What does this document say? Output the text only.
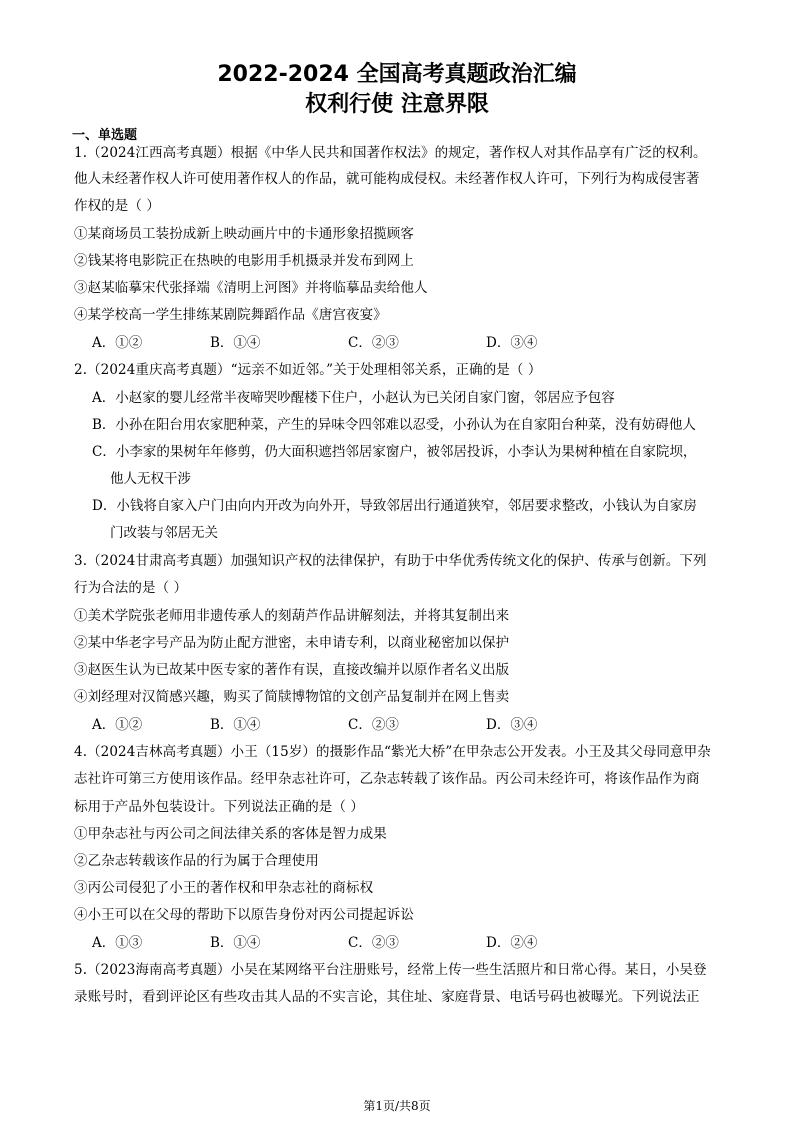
2022-2024 全国高考真题政治汇编
权利行使 注意界限
一、单选题
1.（2024江西高考真题）根据《中华人民共和国著作权法》的规定，著作权人对其作品享有广泛的权利。
他人未经著作权人许可使用著作权人的作品，就可能构成侵权。未经著作权人许可，下列行为构成侵害著
作权的是（ ）
①某商场员工装扮成新上映动画片中的卡通形象招揽顾客
②钱某将电影院正在热映的电影用手机摄录并发布到网上
③赵某临摹宋代张择端《清明上河图》并将临摹品卖给他人
④某学校高一学生排练某剧院舞蹈作品《唐宫夜宴》
A．①②	B．①④	C．②③	D．③④
2.（2024重庆高考真题）“远亲不如近邻。”关于处理相邻关系，正确的是（ ）
A．小赵家的婴儿经常半夜啼哭吵醒楼下住户，小赵认为已关闭自家门窗，邻居应予包容
B．小孙在阳台用农家肥种菜，产生的异味令四邻难以忍受，小孙认为在自家阳台种菜，没有妨碍他人
C．小李家的果树年年修剪，仍大面积遮挡邻居家窗户，被邻居投诉，小李认为果树种植在自家院坝，
他人无权干涉
D．小钱将自家入户门由向内开改为向外开，导致邻居出行通道狭窄，邻居要求整改，小钱认为自家房
门改装与邻居无关
3.（2024甘肃高考真题）加强知识产权的法律保护，有助于中华优秀传统文化的保护、传承与创新。下列
行为合法的是（ ）
①美术学院张老师用非遗传承人的刻葫芦作品讲解刻法，并将其复制出来
②某中华老字号产品为防止配方泄密，未申请专利，以商业秘密加以保护
③赵医生认为已故某中医专家的著作有误，直接改编并以原作者名义出版
④刘经理对汉简感兴趣，购买了简牍博物馆的文创产品复制并在网上售卖
A．①②	B．①④	C．②③	D．③④
4.（2024吉林高考真题）小王（15岁）的摄影作品“紫光大桥”在甲杂志公开发表。小王及其父母同意甲杂
志社许可第三方使用该作品。经甲杂志社许可，乙杂志转载了该作品。丙公司未经许可，将该作品作为商
标用于产品外包装设计。下列说法正确的是（ ）
①甲杂志社与丙公司之间法律关系的客体是智力成果
②乙杂志转载该作品的行为属于合理使用
③丙公司侵犯了小王的著作权和甲杂志社的商标权
④小王可以在父母的帮助下以原告身份对丙公司提起诉讼
A．①③	B．①④	C．②③	D．②④
5.（2023海南高考真题）小吴在某网络平台注册账号，经常上传一些生活照片和日常心得。某日，小吴登
录账号时，看到评论区有些攻击其人品的不实言论，其住址、家庭背景、电话号码也被曝光。下列说法正
第1页/共8页
